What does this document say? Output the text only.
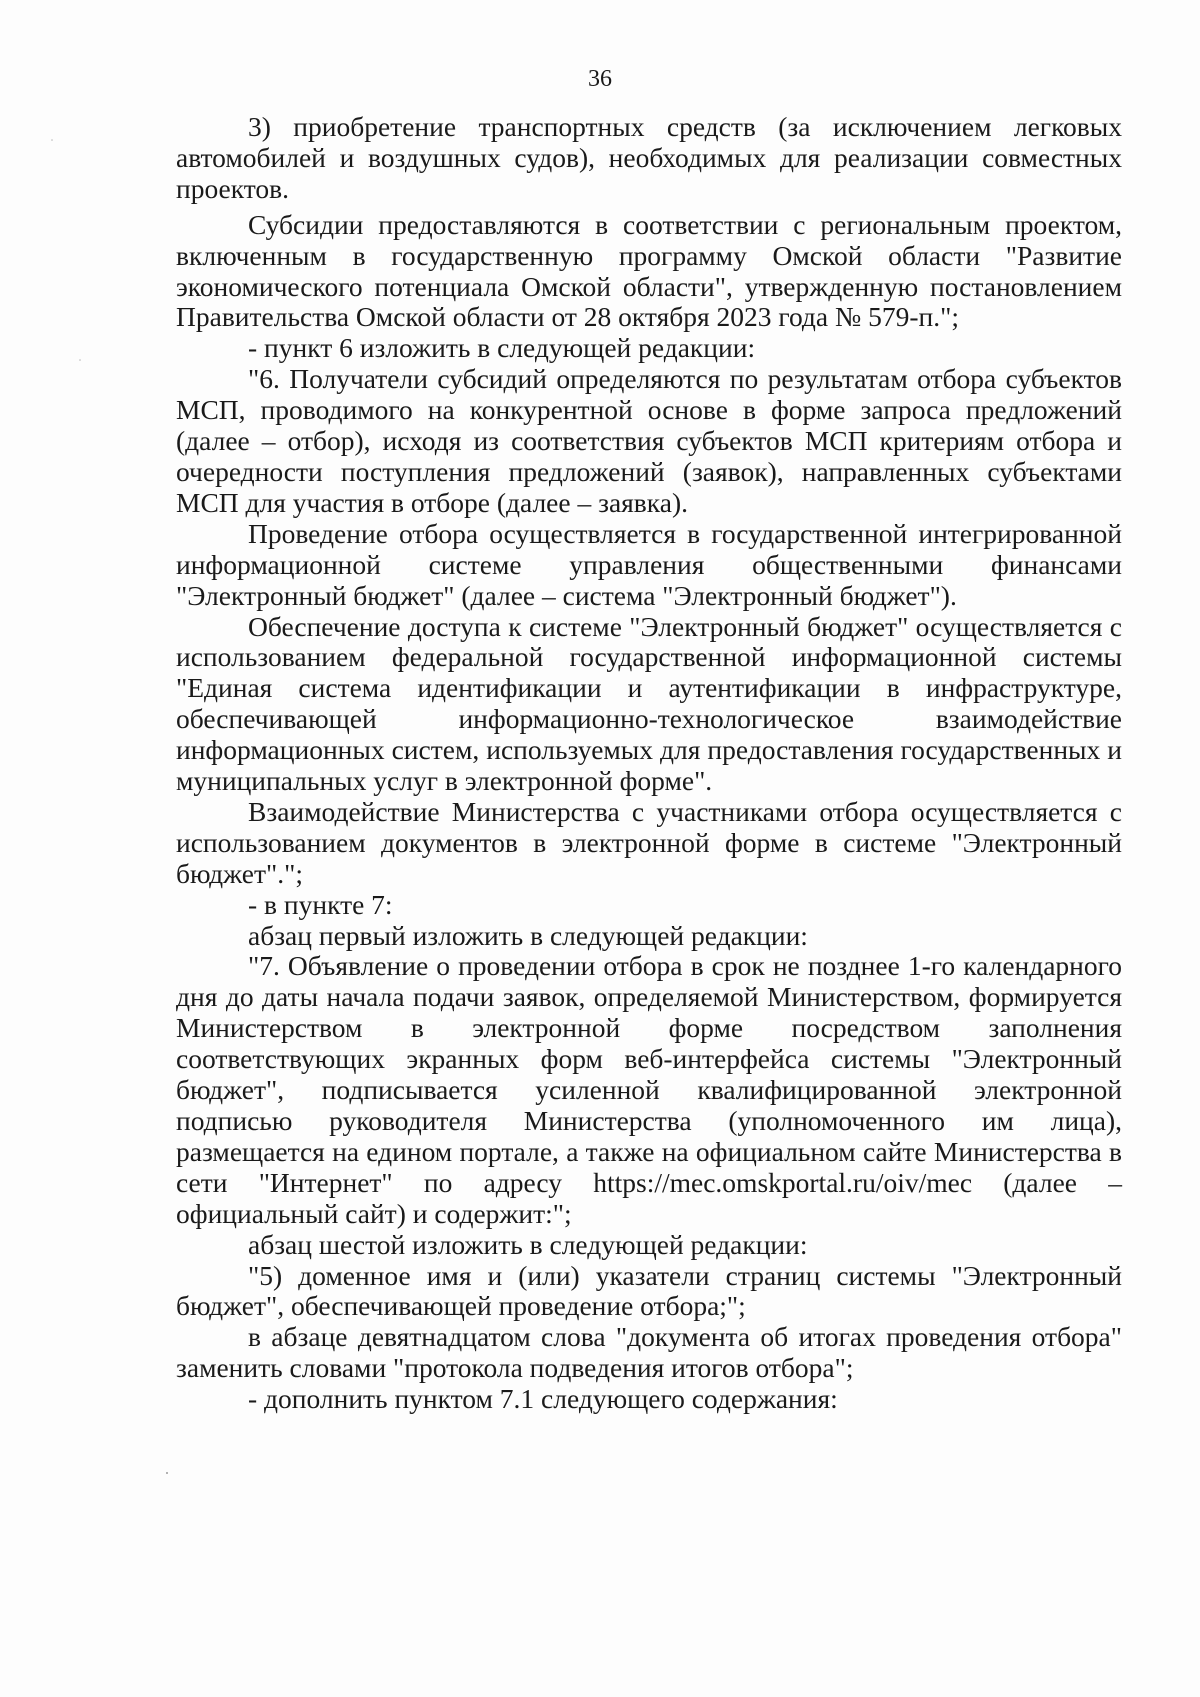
36

3) приобретение транспортных средств (за исключением легковых автомобилей и воздушных судов), необходимых для реализации совместных проектов.

Субсидии предоставляются в соответствии с региональным проектом, включенным в государственную программу Омской области "Развитие экономического потенциала Омской области", утвержденную постановлением Правительства Омской области от 28 октября 2023 года № 579-п.";

- пункт 6 изложить в следующей редакции:

"6. Получатели субсидий определяются по результатам отбора субъектов МСП, проводимого на конкурентной основе в форме запроса предложений (далее – отбор), исходя из соответствия субъектов МСП критериям отбора и очередности поступления предложений (заявок), направленных субъектами МСП для участия в отборе (далее – заявка).

Проведение отбора осуществляется в государственной интегрированной информационной системе управления общественными финансами "Электронный бюджет" (далее – система "Электронный бюджет").

Обеспечение доступа к системе "Электронный бюджет" осуществляется с использованием федеральной государственной информационной системы "Единая система идентификации и аутентификации в инфраструктуре, обеспечивающей информационно-технологическое взаимодействие информационных систем, используемых для предоставления государственных и муниципальных услуг в электронной форме".

Взаимодействие Министерства с участниками отбора осуществляется с использованием документов в электронной форме в системе "Электронный бюджет".";

- в пункте 7:

абзац первый изложить в следующей редакции:

"7. Объявление о проведении отбора в срок не позднее 1-го календарного дня до даты начала подачи заявок, определяемой Министерством, формируется Министерством в электронной форме посредством заполнения соответствующих экранных форм веб-интерфейса системы "Электронный бюджет", подписывается усиленной квалифицированной электронной подписью руководителя Министерства (уполномоченного им лица), размещается на едином портале, а также на официальном сайте Министерства в сети "Интернет" по адресу https://mec.omskportal.ru/oiv/mec (далее – официальный сайт) и содержит:";

абзац шестой изложить в следующей редакции:

"5) доменное имя и (или) указатели страниц системы "Электронный бюджет", обеспечивающей проведение отбора;";

в абзаце девятнадцатом слова "документа об итогах проведения отбора" заменить словами "протокола подведения итогов отбора";

- дополнить пунктом 7.1 следующего содержания:
